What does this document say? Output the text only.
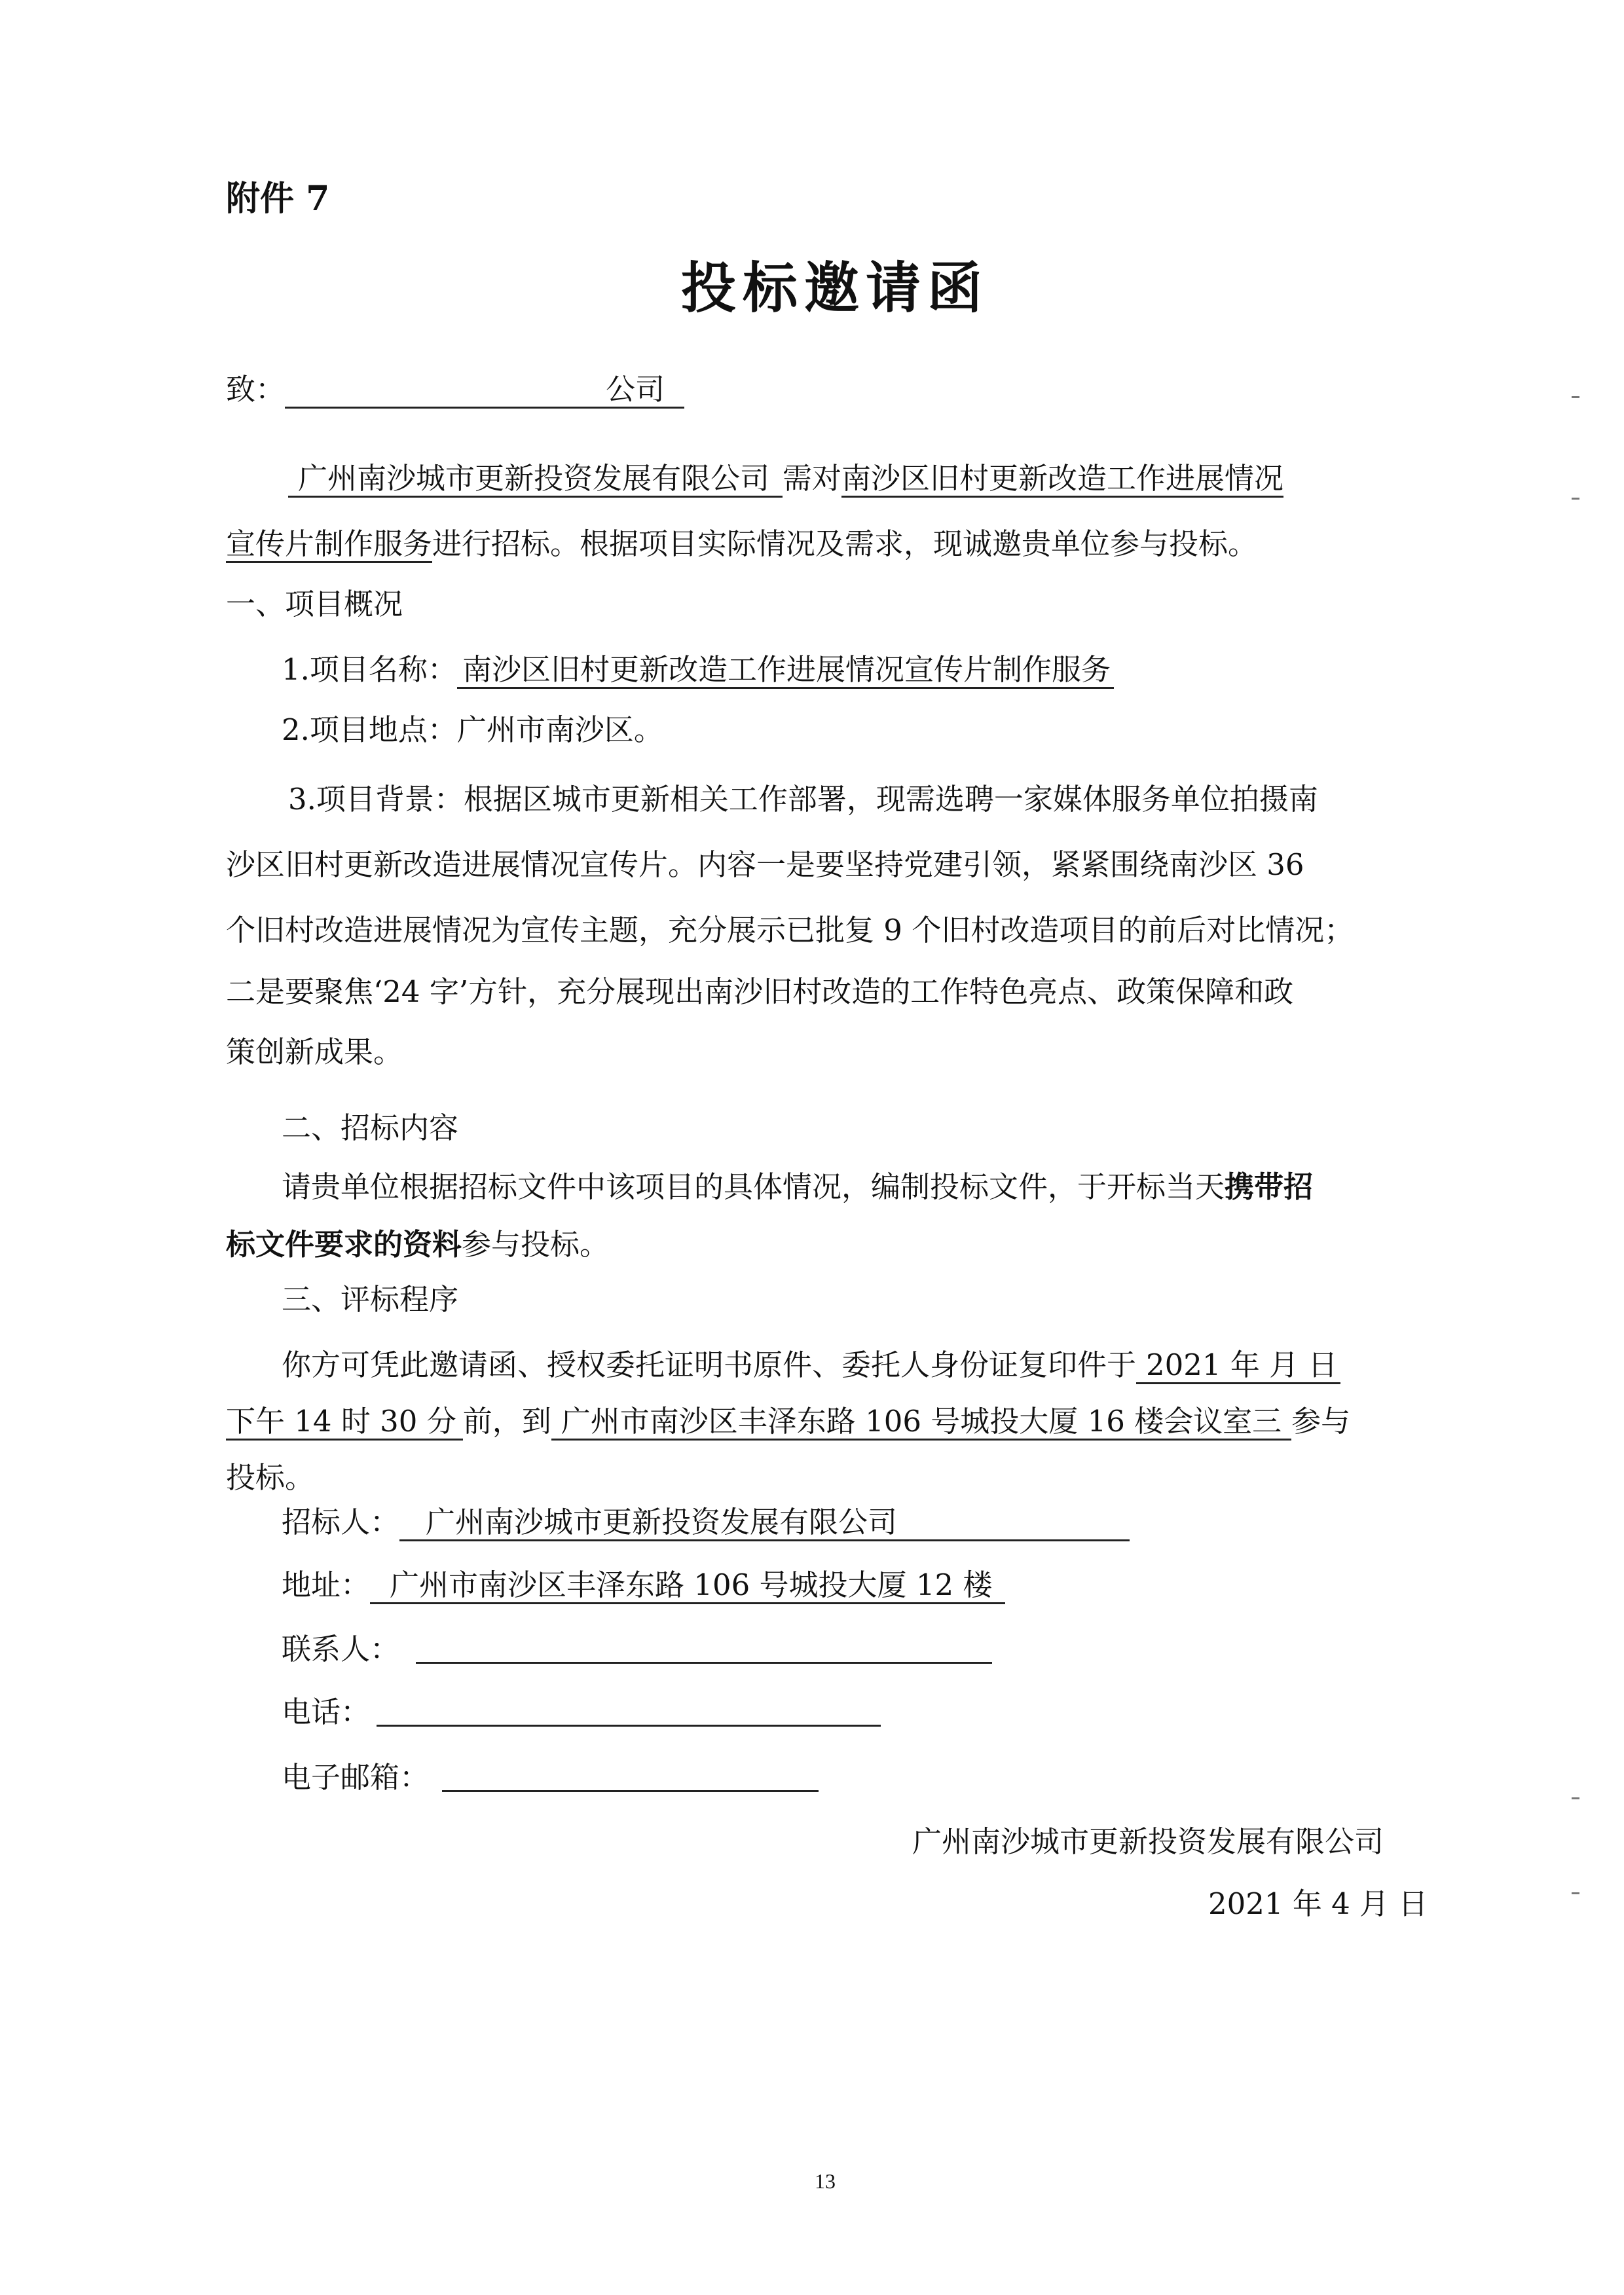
附件 7
投标邀请函
致：	公司
广州南沙城市更新投资发展有限公司 需对南沙区旧村更新改造工作进展情况
宣传片制作服务进行招标。根据项目实际情况及需求，现诚邀贵单位参与投标。
一、项目概况
1.项目名称： 南沙区旧村更新改造工作进展情况宣传片制作服务
2.项目地点：广州市南沙区。
3.项目背景：根据区城市更新相关工作部署，现需选聘一家媒体服务单位拍摄南
沙区旧村更新改造进展情况宣传片。内容一是要坚持党建引领，紧紧围绕南沙区 36
个旧村改造进展情况为宣传主题，充分展示已批复 9 个旧村改造项目的前后对比情况；
二是要聚焦‘24 字’方针，充分展现出南沙旧村改造的工作特色亮点、政策保障和政
策创新成果。
二、招标内容
请贵单位根据招标文件中该项目的具体情况，编制投标文件，于开标当天携带招
标文件要求的资料参与投标。
三、评标程序
你方可凭此邀请函、授权委托证明书原件、委托人身份证复印件于 2021 年 月 日
下午 14 时 30 分 前，到 广州市南沙区丰泽东路 106 号城投大厦 16 楼会议室三 参与
投标。
招标人： 广州南沙城市更新投资发展有限公司
地址： 广州市南沙区丰泽东路 106 号城投大厦 12 楼
联系人：
电话：
电子邮箱：
广州南沙城市更新投资发展有限公司
2021 年 4 月 日
13
